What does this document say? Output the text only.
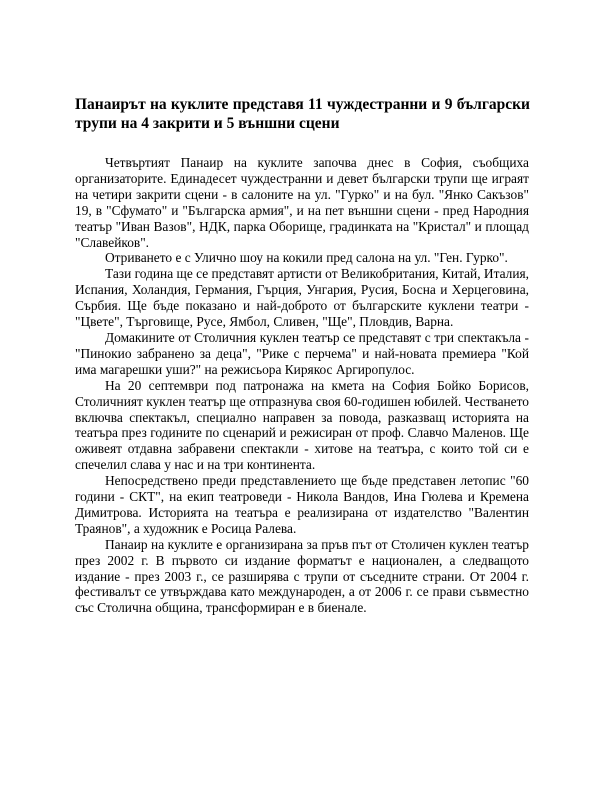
Панаирът на куклите представя 11 чуждестранни и 9 български трупи на 4 закрити и 5 външни сцени

Четвъртият Панаир на куклите започва днес в София, съобщиха организаторите. Единадесет чуждестранни и девет български трупи ще играят на четири закрити сцени - в салоните на ул. "Гурко" и на бул. "Янко Сакъзов" 19, в "Сфумато" и "Българска армия", и на пет външни сцени - пред Народния театър "Иван Вазов", НДК, парка Оборище, градинката на "Кристал" и площад "Славейков".

Отриването е с Улично шоу на кокили пред салона на ул. "Ген. Гурко".

Тази година ще се представят артисти от Великобритания, Китай, Италия, Испания, Холандия, Германия, Гърция, Унгария, Русия, Босна и Херцеговина, Сърбия. Ще бъде показано и най-доброто от българските куклени театри - "Цвете", Търговище, Русе, Ямбол, Сливен, "Ще", Пловдив, Варна.

Домакините от Столичния куклен театър се представят с три спектакъла - "Пинокио забранено за деца", "Рике с перчема" и най-новата премиера "Кой има магарешки уши?" на режисьора Кирякос Аргиропулос.

На 20 септември под патронажа на кмета на София Бойко Борисов, Столичният куклен театър ще отпразнува своя 60-годишен юбилей. Честването включва спектакъл, специално направен за повода, разказващ историята на театъра през годините по сценарий и режисиран от проф. Славчо Маленов. Ще оживеят отдавна забравени спектакли - хитове на театъра, с които той си е спечелил слава у нас и на три континента.

Непосредствено преди представлението ще бъде представен летопис "60 години - СКТ", на екип театроведи - Никола Вандов, Ина Гюлева и Кремена Димитрова. Историята на театъра е реализирана от издателство "Валентин Траянов", а художник е Росица Ралева.

Панаир на куклите е организирана за пръв път от Столичен куклен театър през 2002 г. В първото си издание форматът е национален, а следващото издание - през 2003 г., се разширява с трупи от съседните страни. От 2004 г. фестивалът се утвърждава като международен, а от 2006 г. се прави съвместно със Столична община, трансформиран е в биенале.
